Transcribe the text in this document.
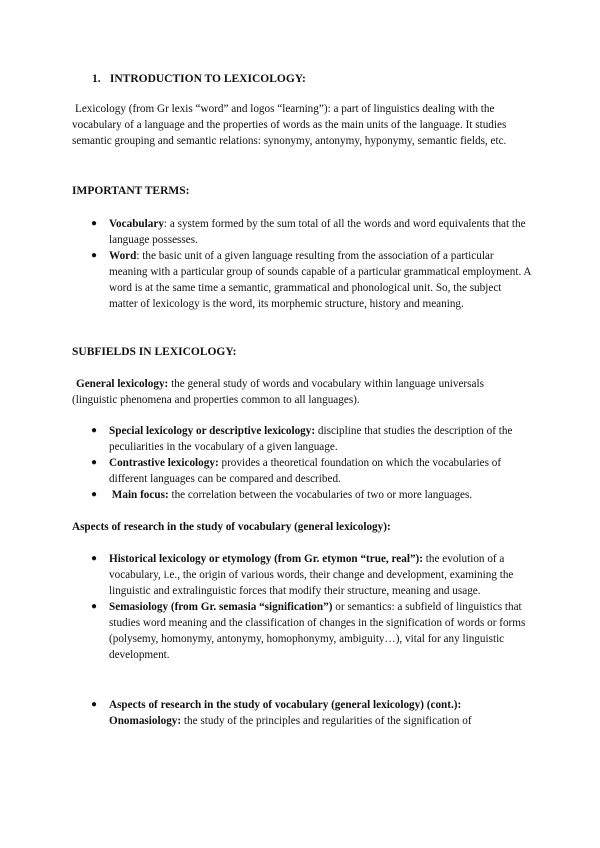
1. INTRODUCTION TO LEXICOLOGY:
Lexicology (from Gr lexis “word” and logos “learning”): a part of linguistics dealing with the vocabulary of a language and the properties of words as the main units of the language. It studies semantic grouping and semantic relations: synonymy, antonymy, hyponymy, semantic fields, etc.
IMPORTANT TERMS:
● Vocabulary: a system formed by the sum total of all the words and word equivalents that the language possesses.
● Word: the basic unit of a given language resulting from the association of a particular meaning with a particular group of sounds capable of a particular grammatical employment. A word is at the same time a semantic, grammatical and phonological unit. So, the subject matter of lexicology is the word, its morphemic structure, history and meaning.
SUBFIELDS IN LEXICOLOGY:
General lexicology: the general study of words and vocabulary within language universals (linguistic phenomena and properties common to all languages).
● Special lexicology or descriptive lexicology: discipline that studies the description of the peculiarities in the vocabulary of a given language.
● Contrastive lexicology: provides a theoretical foundation on which the vocabularies of different languages can be compared and described.
● Main focus: the correlation between the vocabularies of two or more languages.
Aspects of research in the study of vocabulary (general lexicology):
● Historical lexicology or etymology (from Gr. etymon “true, real”): the evolution of a vocabulary, i.e., the origin of various words, their change and development, examining the linguistic and extralinguistic forces that modify their structure, meaning and usage.
● Semasiology (from Gr. semasia “signification”) or semantics: a subfield of linguistics that studies word meaning and the classification of changes in the signification of words or forms (polysemy, homonymy, antonymy, homophonymy, ambiguity…), vital for any linguistic development.
● Aspects of research in the study of vocabulary (general lexicology) (cont.):
Onomasiology: the study of the principles and regularities of the signification of
